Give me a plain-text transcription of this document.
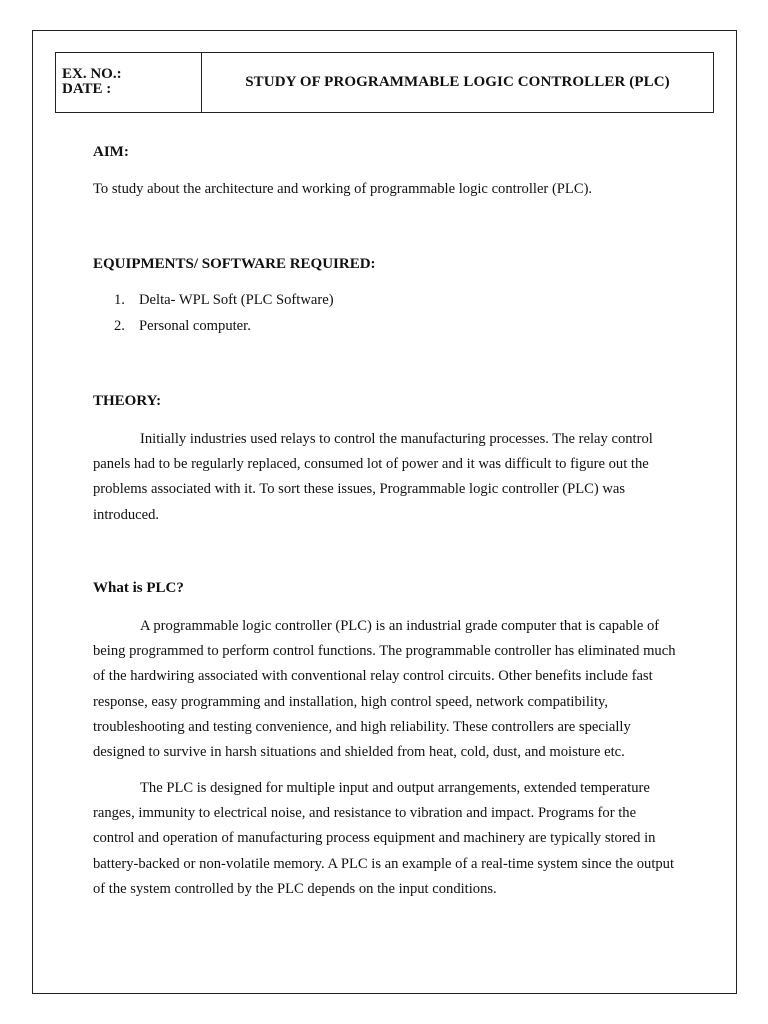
EX. NO.:
DATE :	STUDY OF PROGRAMMABLE LOGIC CONTROLLER (PLC)
AIM:
To study about the architecture and working of programmable logic controller (PLC).
EQUIPMENTS/ SOFTWARE REQUIRED:
1. Delta- WPL Soft (PLC Software)
2. Personal computer.
THEORY:
Initially industries used relays to control the manufacturing processes. The relay control
panels had to be regularly replaced, consumed lot of power and it was difficult to figure out the
problems associated with it. To sort these issues, Programmable logic controller (PLC) was
introduced.
What is PLC?
A programmable logic controller (PLC) is an industrial grade computer that is capable of
being programmed to perform control functions. The programmable controller has eliminated much
of the hardwiring associated with conventional relay control circuits. Other benefits include fast
response, easy programming and installation, high control speed, network compatibility,
troubleshooting and testing convenience, and high reliability. These controllers are specially
designed to survive in harsh situations and shielded from heat, cold, dust, and moisture etc.
The PLC is designed for multiple input and output arrangements, extended temperature
ranges, immunity to electrical noise, and resistance to vibration and impact. Programs for the
control and operation of manufacturing process equipment and machinery are typically stored in
battery-backed or non-volatile memory. A PLC is an example of a real-time system since the output
of the system controlled by the PLC depends on the input conditions.
